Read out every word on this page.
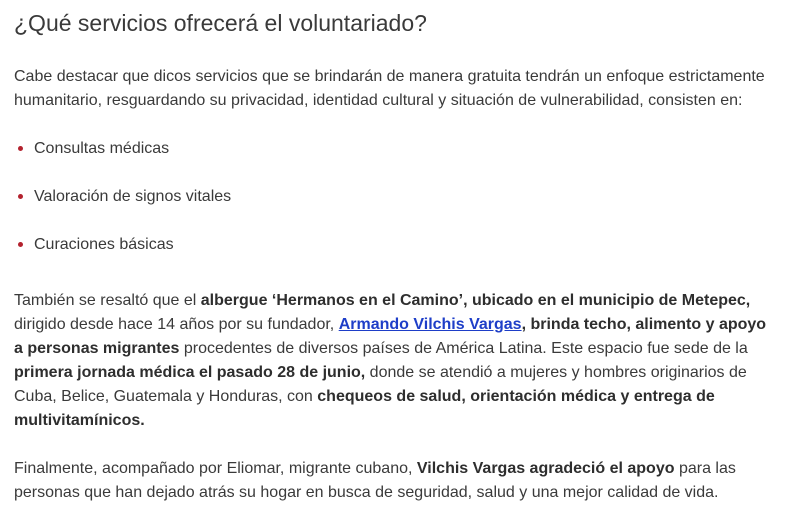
¿Qué servicios ofrecerá el voluntariado?

Cabe destacar que dicos servicios que se brindarán de manera gratuita tendrán un enfoque estrictamente humanitario, resguardando su privacidad, identidad cultural y situación de vulnerabilidad, consisten en:

Consultas médicas
Valoración de signos vitales
Curaciones básicas

También se resaltó que el albergue ‘Hermanos en el Camino’, ubicado en el municipio de Metepec, dirigido desde hace 14 años por su fundador, Armando Vilchis Vargas, brinda techo, alimento y apoyo a personas migrantes procedentes de diversos países de América Latina. Este espacio fue sede de la primera jornada médica el pasado 28 de junio, donde se atendió a mujeres y hombres originarios de Cuba, Belice, Guatemala y Honduras, con chequeos de salud, orientación médica y entrega de multivitamínicos.

Finalmente, acompañado por Eliomar, migrante cubano, Vilchis Vargas agradeció el apoyo para las personas que han dejado atrás su hogar en busca de seguridad, salud y una mejor calidad de vida.
